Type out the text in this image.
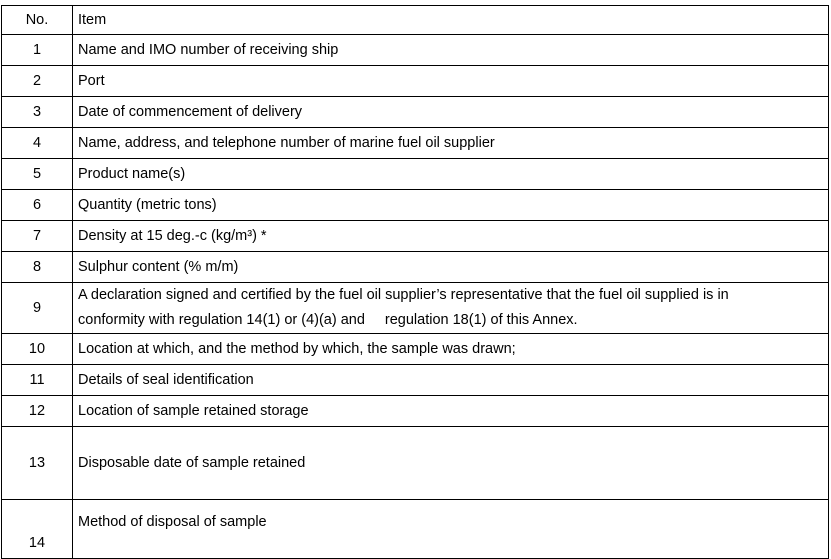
No.	Item
1	Name and IMO number of receiving ship
2	Port
3	Date of commencement of delivery
4	Name, address, and telephone number of marine fuel oil supplier
5	Product name(s)
6	Quantity (metric tons)
7	Density at 15 deg.-c (kg/m³) *
8	Sulphur content (% m/m)
9	A declaration signed and certified by the fuel oil supplier’s representative that the fuel oil supplied is in
conformity with regulation 14(1) or (4)(a) and regulation 18(1) of this Annex.

10	Location at which, and the method by which, the sample was drawn;
11	Details of seal identification
12	Location of sample retained storage
13	Disposable date of sample retained
14	Method of disposal of sample
